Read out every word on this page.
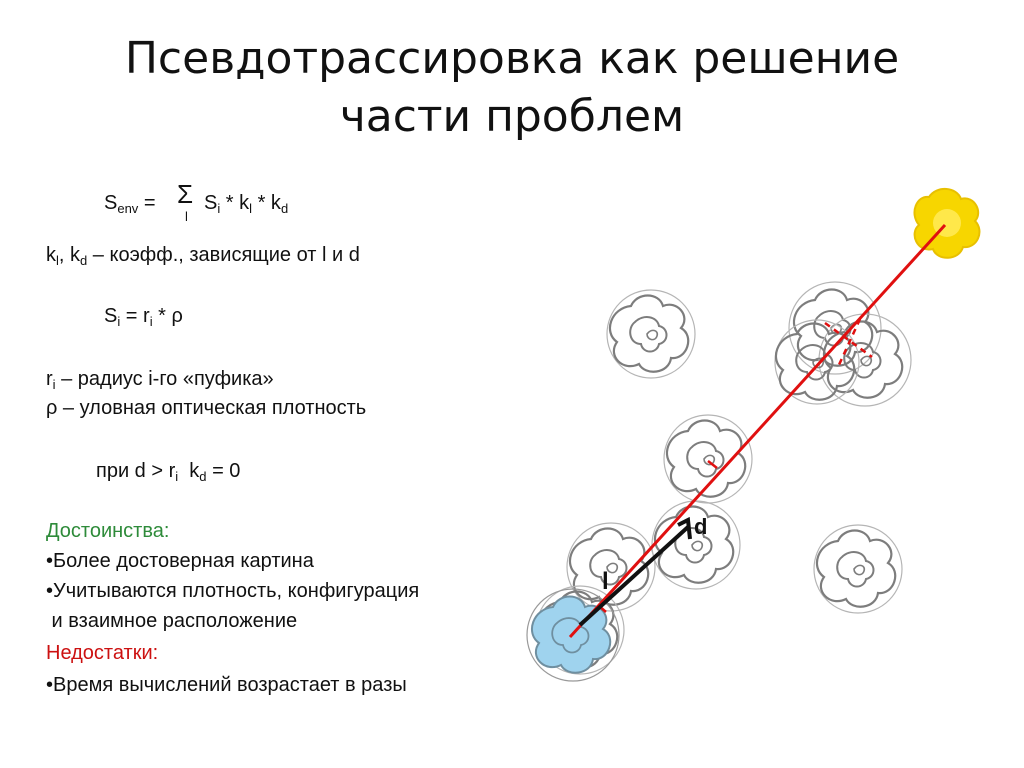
Псевдотрассировка как решение
части проблем
$S_{env} = \Sigma$
l
$S_i * k_l * k_d$
$k_l$, $k_d$ – коэфф., зависящие от l и d
$S_i = r_i * \rho$
$r_i$ – радиус i-го «пуфика»
ρ – уловная оптическая плотность
при $d > r_i$  $k_d = 0$
Достоинства:
•Более достоверная картина
•Учитываются плотность, конфигурация
и взаимное расположение
Недостатки:
•Время вычислений возрастает в разы
l
d
